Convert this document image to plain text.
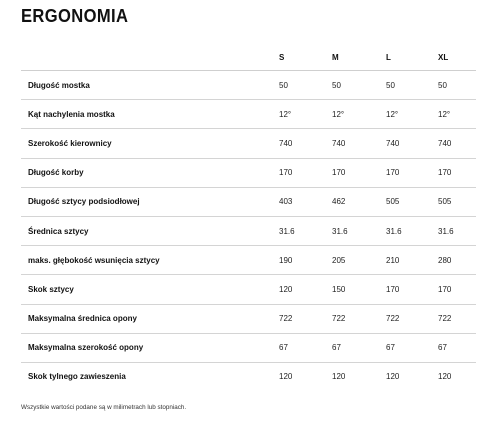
ERGONOMIA
	S	M	L	XL
Długość mostka	50	50	50	50
Kąt nachylenia mostka	12°	12°	12°	12°
Szerokość kierownicy	740	740	740	740
Długość korby	170	170	170	170
Długość sztycy podsiodłowej	403	462	505	505
Średnica sztycy	31.6	31.6	31.6	31.6
maks. głębokość wsunięcia sztycy	190	205	210	280
Skok sztycy	120	150	170	170
Maksymalna średnica opony	722	722	722	722
Maksymalna szerokość opony	67	67	67	67
Skok tylnego zawieszenia	120	120	120	120
Wszystkie wartości podane są w milimetrach lub stopniach.
